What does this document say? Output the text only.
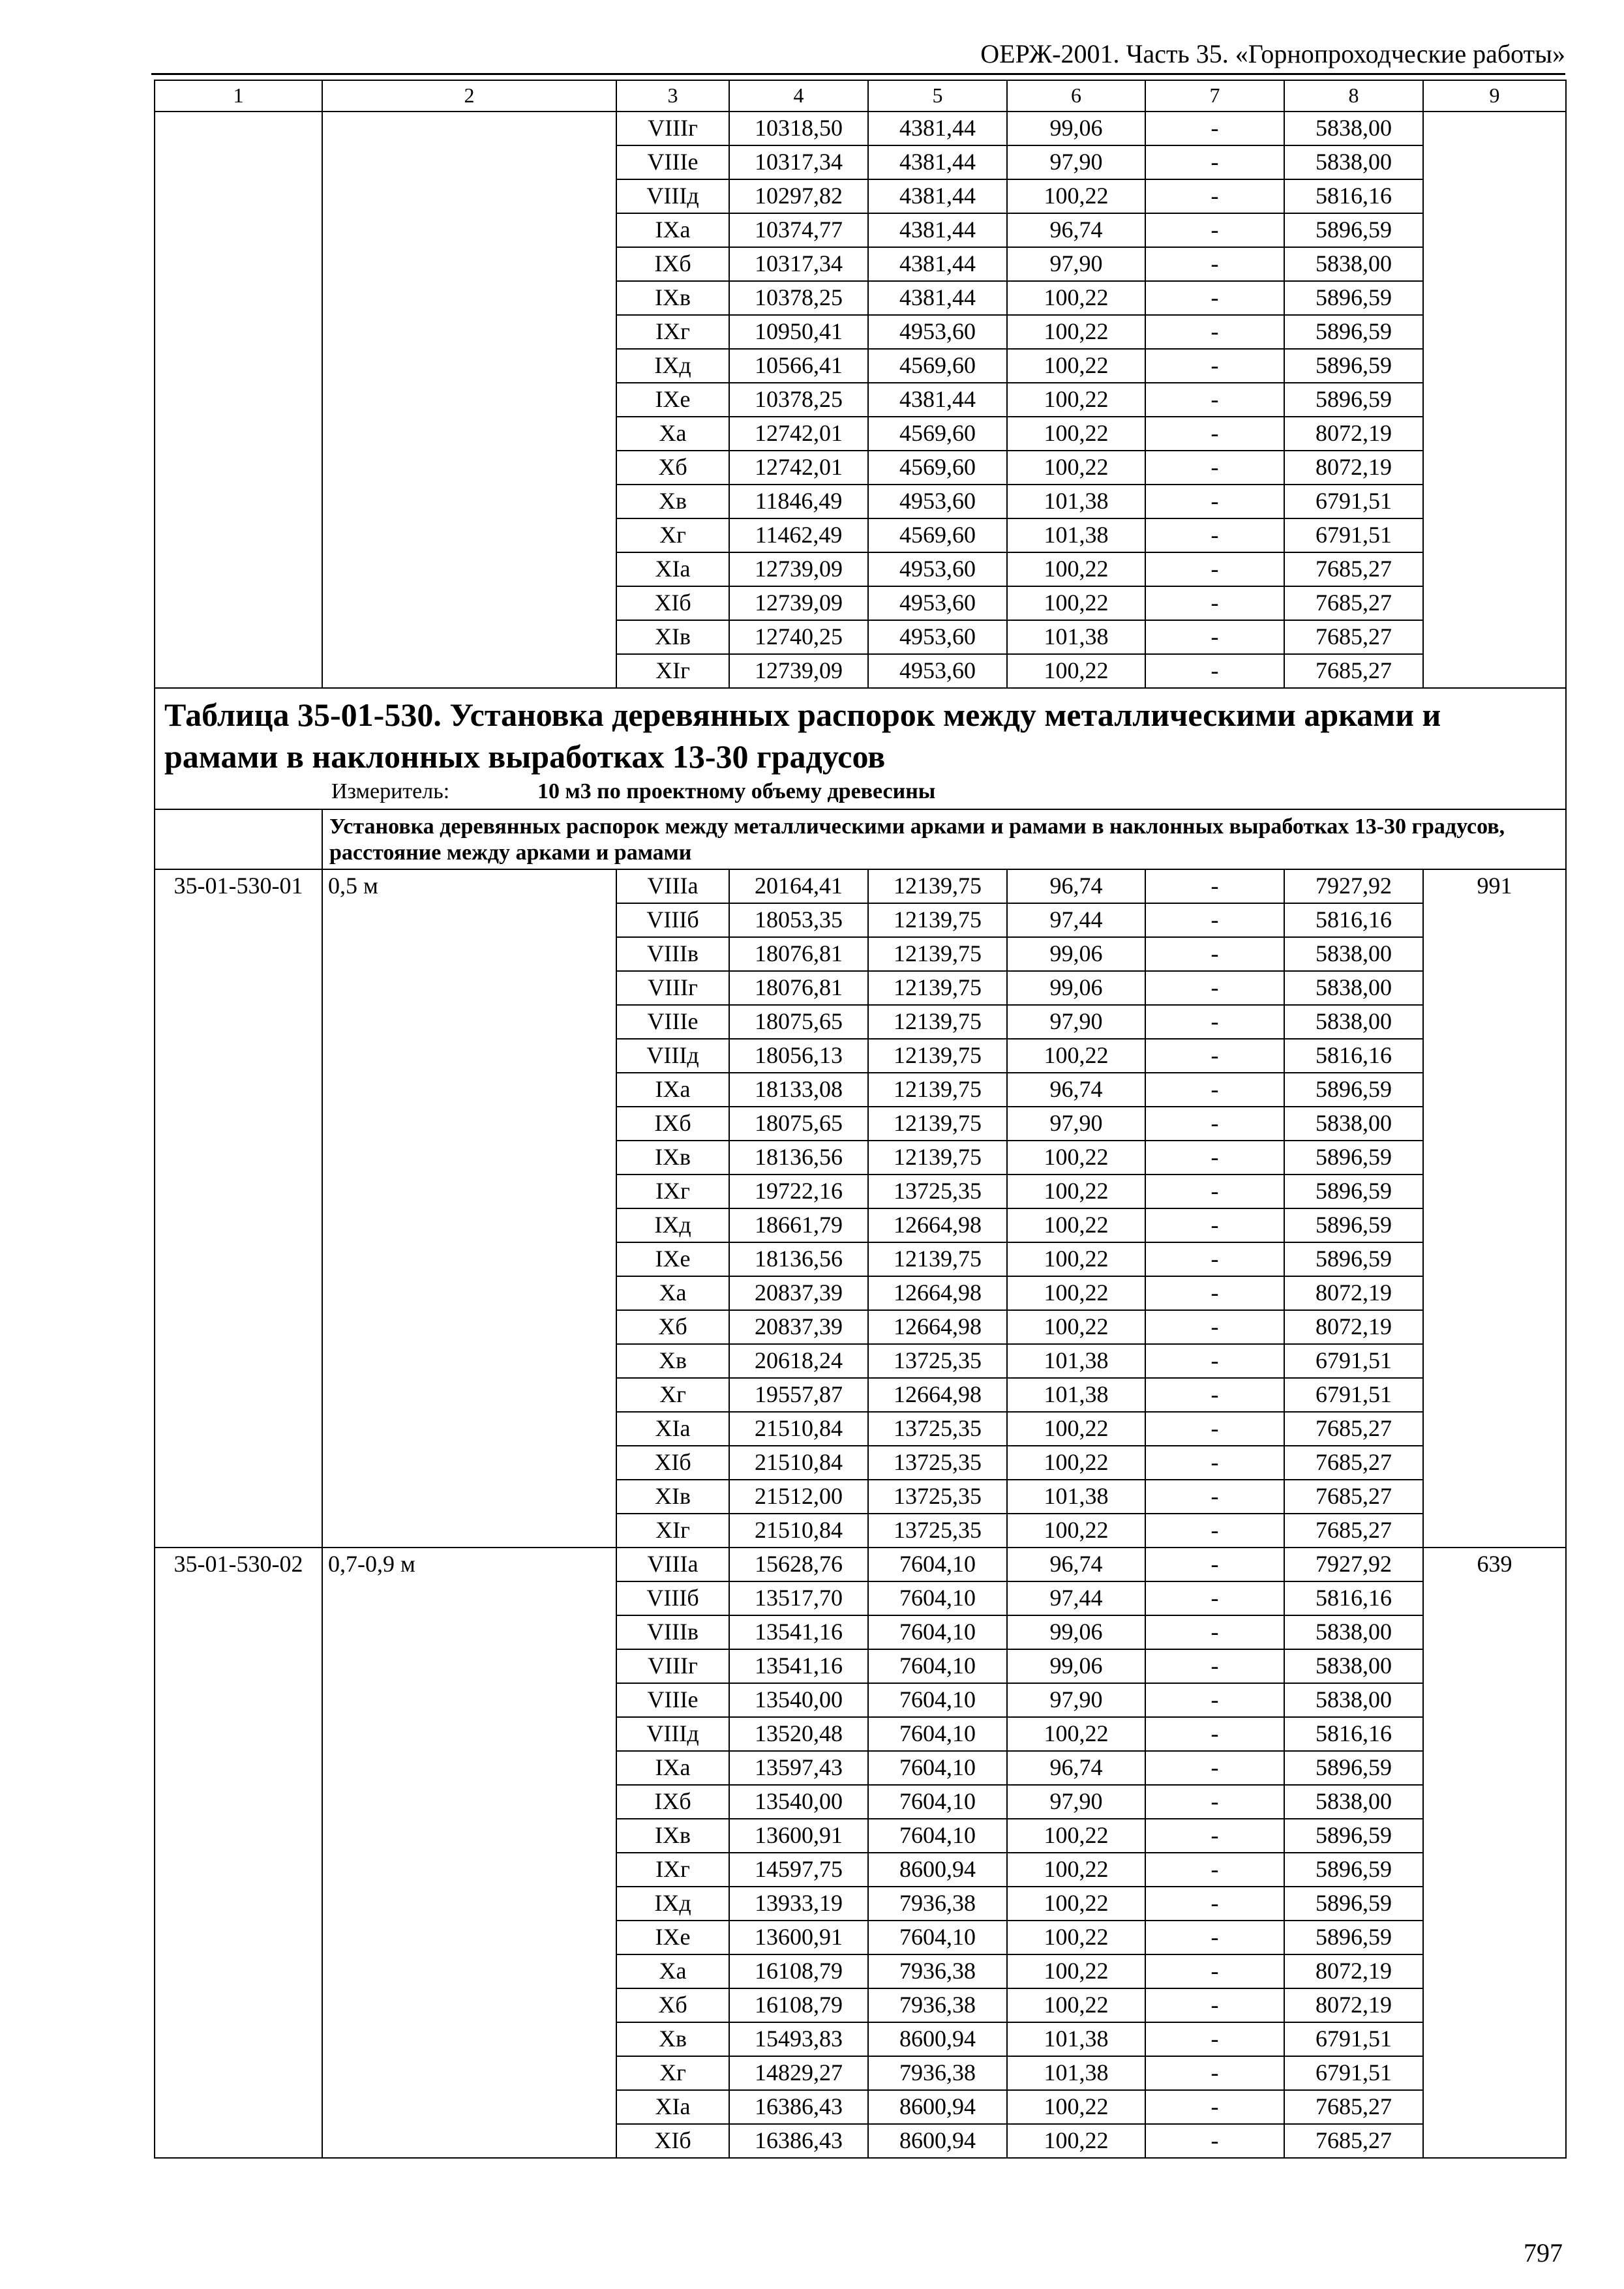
ОЕРЖ-2001. Часть 35. «Горнопроходческие работы»
1	2	3	4	5	6	7	8	9
		VIIIг	10318,50	4381,44	99,06	-	5838,00	
		VIIIе	10317,34	4381,44	97,90	-	5838,00	
		VIIIд	10297,82	4381,44	100,22	-	5816,16	
		IXа	10374,77	4381,44	96,74	-	5896,59	
		IXб	10317,34	4381,44	97,90	-	5838,00	
		IXв	10378,25	4381,44	100,22	-	5896,59	
		IXг	10950,41	4953,60	100,22	-	5896,59	
		IXд	10566,41	4569,60	100,22	-	5896,59	
		IXе	10378,25	4381,44	100,22	-	5896,59	
		Xа	12742,01	4569,60	100,22	-	8072,19	
		Xб	12742,01	4569,60	100,22	-	8072,19	
		Xв	11846,49	4953,60	101,38	-	6791,51	
		Xг	11462,49	4569,60	101,38	-	6791,51	
		XIа	12739,09	4953,60	100,22	-	7685,27	
		XIб	12739,09	4953,60	100,22	-	7685,27	
		XIв	12740,25	4953,60	101,38	-	7685,27	
		XIг	12739,09	4953,60	100,22	-	7685,27	

Таблица 35-01-530. Установка деревянных распорок между металлическими арками и рамами в наклонных выработках 13-30 градусов
Измеритель: 10 м3 по проектному объему древесины								

	Установка деревянных распорок между металлическими арками и рамами в наклонных выработках 13-30 градусов, расстояние между арками и рамами							
35-01-530-01	0,5 м	VIIIа	20164,41	12139,75	96,74	-	7927,92	991
		VIIIб	18053,35	12139,75	97,44	-	5816,16	
		VIIIв	18076,81	12139,75	99,06	-	5838,00	
		VIIIг	18076,81	12139,75	99,06	-	5838,00	
		VIIIе	18075,65	12139,75	97,90	-	5838,00	
		VIIIд	18056,13	12139,75	100,22	-	5816,16	
		IXа	18133,08	12139,75	96,74	-	5896,59	
		IXб	18075,65	12139,75	97,90	-	5838,00	
		IXв	18136,56	12139,75	100,22	-	5896,59	
		IXг	19722,16	13725,35	100,22	-	5896,59	
		IXд	18661,79	12664,98	100,22	-	5896,59	
		IXе	18136,56	12139,75	100,22	-	5896,59	
		Xа	20837,39	12664,98	100,22	-	8072,19	
		Xб	20837,39	12664,98	100,22	-	8072,19	
		Xв	20618,24	13725,35	101,38	-	6791,51	
		Xг	19557,87	12664,98	101,38	-	6791,51	
		XIа	21510,84	13725,35	100,22	-	7685,27	
		XIб	21510,84	13725,35	100,22	-	7685,27	
		XIв	21512,00	13725,35	101,38	-	7685,27	
		XIг	21510,84	13725,35	100,22	-	7685,27	
35-01-530-02	0,7-0,9 м	VIIIа	15628,76	7604,10	96,74	-	7927,92	639
		VIIIб	13517,70	7604,10	97,44	-	5816,16	
		VIIIв	13541,16	7604,10	99,06	-	5838,00	
		VIIIг	13541,16	7604,10	99,06	-	5838,00	
		VIIIе	13540,00	7604,10	97,90	-	5838,00	
		VIIIд	13520,48	7604,10	100,22	-	5816,16	
		IXа	13597,43	7604,10	96,74	-	5896,59	
		IXб	13540,00	7604,10	97,90	-	5838,00	
		IXв	13600,91	7604,10	100,22	-	5896,59	
		IXг	14597,75	8600,94	100,22	-	5896,59	
		IXд	13933,19	7936,38	100,22	-	5896,59	
		IXе	13600,91	7604,10	100,22	-	5896,59	
		Xа	16108,79	7936,38	100,22	-	8072,19	
		Xб	16108,79	7936,38	100,22	-	8072,19	
		Xв	15493,83	8600,94	101,38	-	6791,51	
		Xг	14829,27	7936,38	101,38	-	6791,51	
		XIа	16386,43	8600,94	100,22	-	7685,27	
		XIб	16386,43	8600,94	100,22	-	7685,27	
797
